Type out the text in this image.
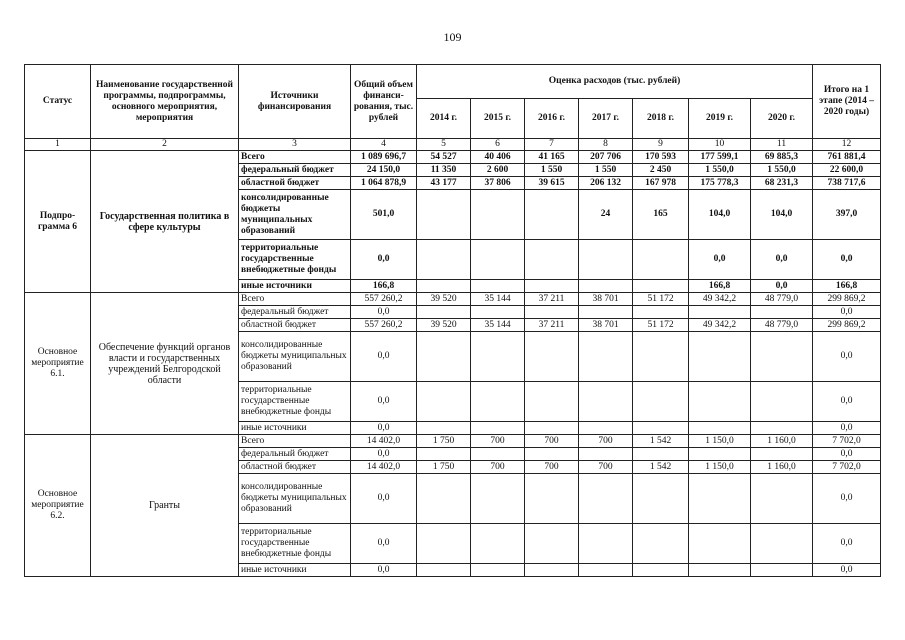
109
Статус	Наименование государственной программы, подпрограммы, основного мероприятия, мероприятия	Источники финансирования	Общий объем финанси-рования, тыс. рублей	Оценка расходов (тыс. рублей)							Итого на 1 этапе (2014 – 2020 годы)
				2014 г.	2015 г.	2016 г.	2017 г.	2018 г.	2019 г.	2020 г.	
1	2	3	4	5	6	7	8	9	10	11	12
Подпро-грамма 6	Государственная политика в сфере культуры	Всего	1 089 696,7	54 527	40 406	41 165	207 706	170 593	177 599,1	69 885,3	761 881,4
		федеральный бюджет	24 150,0	11 350	2 600	1 550	1 550	2 450	1 550,0	1 550,0	22 600,0
		областной бюджет	1 064 878,9	43 177	37 806	39 615	206 132	167 978	175 778,3	68 231,3	738 717,6
		консолидированные бюджеты муниципальных образований	501,0				24	165	104,0	104,0	397,0
		территориальные государственные внебюджетные фонды	0,0						0,0	0,0	0,0
		иные источники	166,8						166,8	0,0	166,8
Основное мероприятие 6.1.	Обеспечение функций органов власти и государственных учреждений Белгородской области	Всего	557 260,2	39 520	35 144	37 211	38 701	51 172	49 342,2	48 779,0	299 869,2
		федеральный бюджет	0,0								0,0
		областной бюджет	557 260,2	39 520	35 144	37 211	38 701	51 172	49 342,2	48 779,0	299 869,2
		консолидированные бюджеты муниципальных образований	0,0								0,0
		территориальные государственные внебюджетные фонды	0,0								0,0
		иные источники	0,0								0,0
Основное мероприятие 6.2.	Гранты	Всего	14 402,0	1 750	700	700	700	1 542	1 150,0	1 160,0	7 702,0
		федеральный бюджет	0,0								0,0
		областной бюджет	14 402,0	1 750	700	700	700	1 542	1 150,0	1 160,0	7 702,0
		консолидированные бюджеты муниципальных образований	0,0								0,0
		территориальные государственные внебюджетные фонды	0,0								0,0
		иные источники	0,0								0,0
